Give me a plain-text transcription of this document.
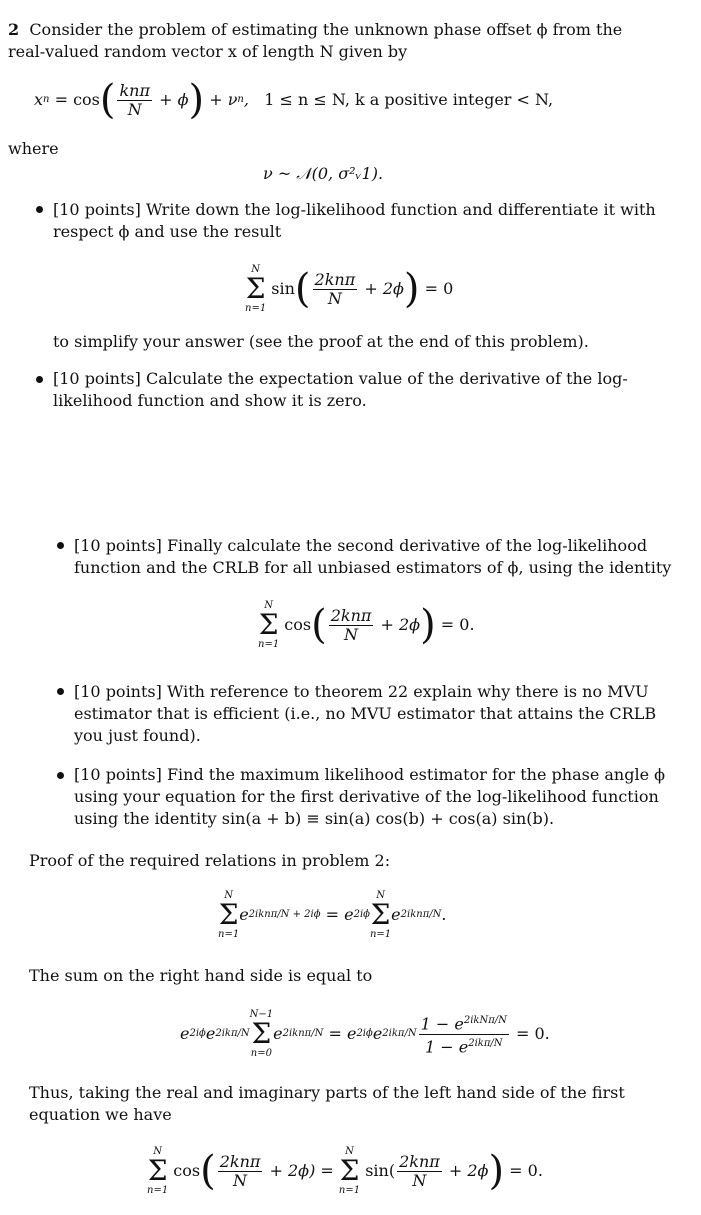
2 Consider the problem of estimating the unknown phase offset ϕ from the
real-valued random vector x of length N given by
x n
= cos ( $\frac{\text{knπ}}{N}$
+ ϕ )
+ ν n , 1 ≤ n ≤ N, k a positive integer < N,
where
ν ~ 𝒩(0, σ²ᵥ1).
[10 points] Write down the log-likelihood function and differentiate it with
respect ϕ and use the result
N
Σ
n=1

sin ( $\frac{\text{2knπ}}{N}$
+ 2ϕ )
= 0
to simplify your answer (see the proof at the end of this problem).
[10 points] Calculate the expectation value of the derivative of the log-
likelihood function and show it is zero.
[10 points] Finally calculate the second derivative of the log-likelihood
function and the CRLB for all unbiased estimators of ϕ, using the identity
N
Σ
n=1

cos ( $\frac{\text{2knπ}}{N}$
+ 2ϕ )
= 0.
[10 points] With reference to theorem 22 explain why there is no MVU
estimator that is efficient (i.e., no MVU estimator that attains the CRLB
you just found).
[10 points] Find the maximum likelihood estimator for the phase angle ϕ
using your equation for the first derivative of the log-likelihood function
using the identity sin(a + b) ≡ sin(a) cos(b) + cos(a) sin(b).
Proof of the required relations in problem 2:
N
Σ
n=1
e 2iknπ/N + 2iϕ
= e 2iϕ
N
Σ
n=1
e 2iknπ/N .
The sum on the right hand side is equal to
e 2iϕ e 2ikπ/N
N−1
Σ
n=0
e 2iknπ/N
= e 2iϕ e $2ik\pi/N \frac{1 - e^{2ikN\pi/N}}{1 - e^{2ik\pi/N}}$
= 0.
Thus, taking the real and imaginary parts of the left hand side of the first
equation we have
N
Σ
n=1

cos ( $\frac{\text{2knπ}}{N}$
+ 2ϕ)
=

N
Σ
n=1

$\sin( \frac{\text{2knπ}}{N}$
+ 2ϕ )
= 0.
